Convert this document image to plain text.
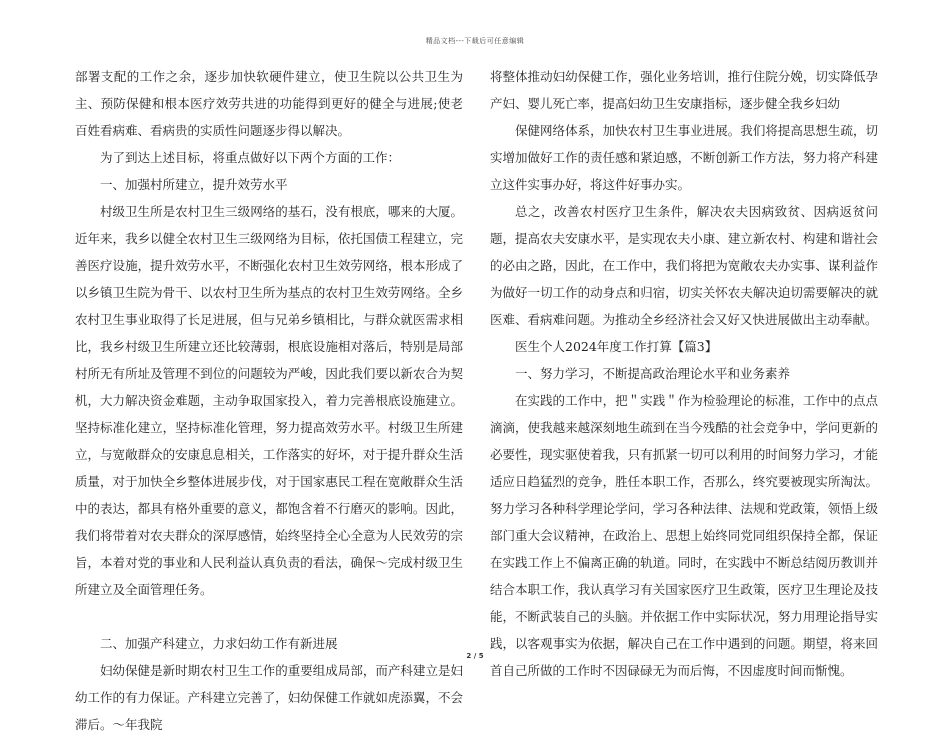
精品文档---下载后可任意编辑

部署支配的工作之余，逐步加快软硬件建立，使卫生院以公共卫生为主、预防保健和根本医疗效劳共进的功能得到更好的健全与进展;使老百姓看病难、看病贵的实质性问题逐步得以解决。

为了到达上述目标，将重点做好以下两个方面的工作：

一、加强村所建立，提升效劳水平

村级卫生所是农村卫生三级网络的基石，没有根底，哪来的大厦。近年来，我乡以健全农村卫生三级网络为目标，依托国债工程建立，完善医疗设施，提升效劳水平，不断强化农村卫生效劳网络，根本形成了以乡镇卫生院为骨干、以农村卫生所为基点的农村卫生效劳网络。全乡农村卫生事业取得了长足进展，但与兄弟乡镇相比，与群众就医需求相比，我乡村级卫生所建立还比较薄弱，根底设施相对落后，特别是局部村所无有所址及管理不到位的问题较为严峻，因此我们要以新农合为契机，大力解决资金难题，主动争取国家投入，着力完善根底设施建立。坚持标准化建立，坚持标准化管理，努力提高效劳水平。村级卫生所建立，与宽敞群众的安康息息相关，工作落实的好坏，对于提升群众生活质量，对于加快全乡整体进展步伐，对于国家惠民工程在宽敞群众生活中的表达，都具有格外重要的意义，都饱含着不行磨灭的影响。因此，我们将带着对农夫群众的深厚感情，始终坚持全心全意为人民效劳的宗旨，本着对党的事业和人民利益认真负责的看法，确保～完成村级卫生所建立及全面管理任务。

二、加强产科建立，力求妇幼工作有新进展

妇幼保健是新时期农村卫生工作的重要组成局部，而产科建立是妇幼工作的有力保证。产科建立完善了，妇幼保健工作就如虎添翼，不会滞后。～年我院

将整体推动妇幼保健工作，强化业务培训，推行住院分娩，切实降低孕产妇、婴儿死亡率，提高妇幼卫生安康指标，逐步健全我乡妇幼

保健网络体系，加快农村卫生事业进展。我们将提高思想生疏，切实增加做好工作的责任感和紧迫感，不断创新工作方法，努力将产科建立这件实事办好，将这件好事办实。

总之，改善农村医疗卫生条件，解决农夫因病致贫、因病返贫问题，提高农夫安康水平，是实现农夫小康、建立新农村、构建和谐社会的必由之路，因此，在工作中，我们将把为宽敞农夫办实事、谋利益作为做好一切工作的动身点和归宿，切实关怀农夫解决迫切需要解决的就医难、看病难问题。为推动全乡经济社会又好又快进展做出主动奉献。

医生个人2024年度工作打算【篇3】

一、努力学习，不断提高政治理论水平和业务素养

在实践的工作中，把＂实践＂作为检验理论的标准，工作中的点点滴滴，使我越来越深刻地生疏到在当今残酷的社会竞争中，学问更新的必要性，现实驱使着我，只有抓紧一切可以利用的时间努力学习，才能适应日趋猛烈的竞争，胜任本职工作，否那么，终究要被现实所淘汰。努力学习各种科学理论学问，学习各种法律、法规和党政策，领悟上级部门重大会议精神，在政治上、思想上始终同党同组织保持全都，保证在实践工作上不偏离正确的轨道。同时，在实践中不断总结阅历教训并结合本职工作，我认真学习有关国家医疗卫生政策，医疗卫生理论及技能，不断武装自己的头脑。并依据工作中实际状况，努力用理论指导实践，以客观事实为依据，解决自己在工作中遇到的问题。期望，将来回首自己所做的工作时不因碌碌无为而后悔，不因虚度时间而惭愧。

2 / 5
